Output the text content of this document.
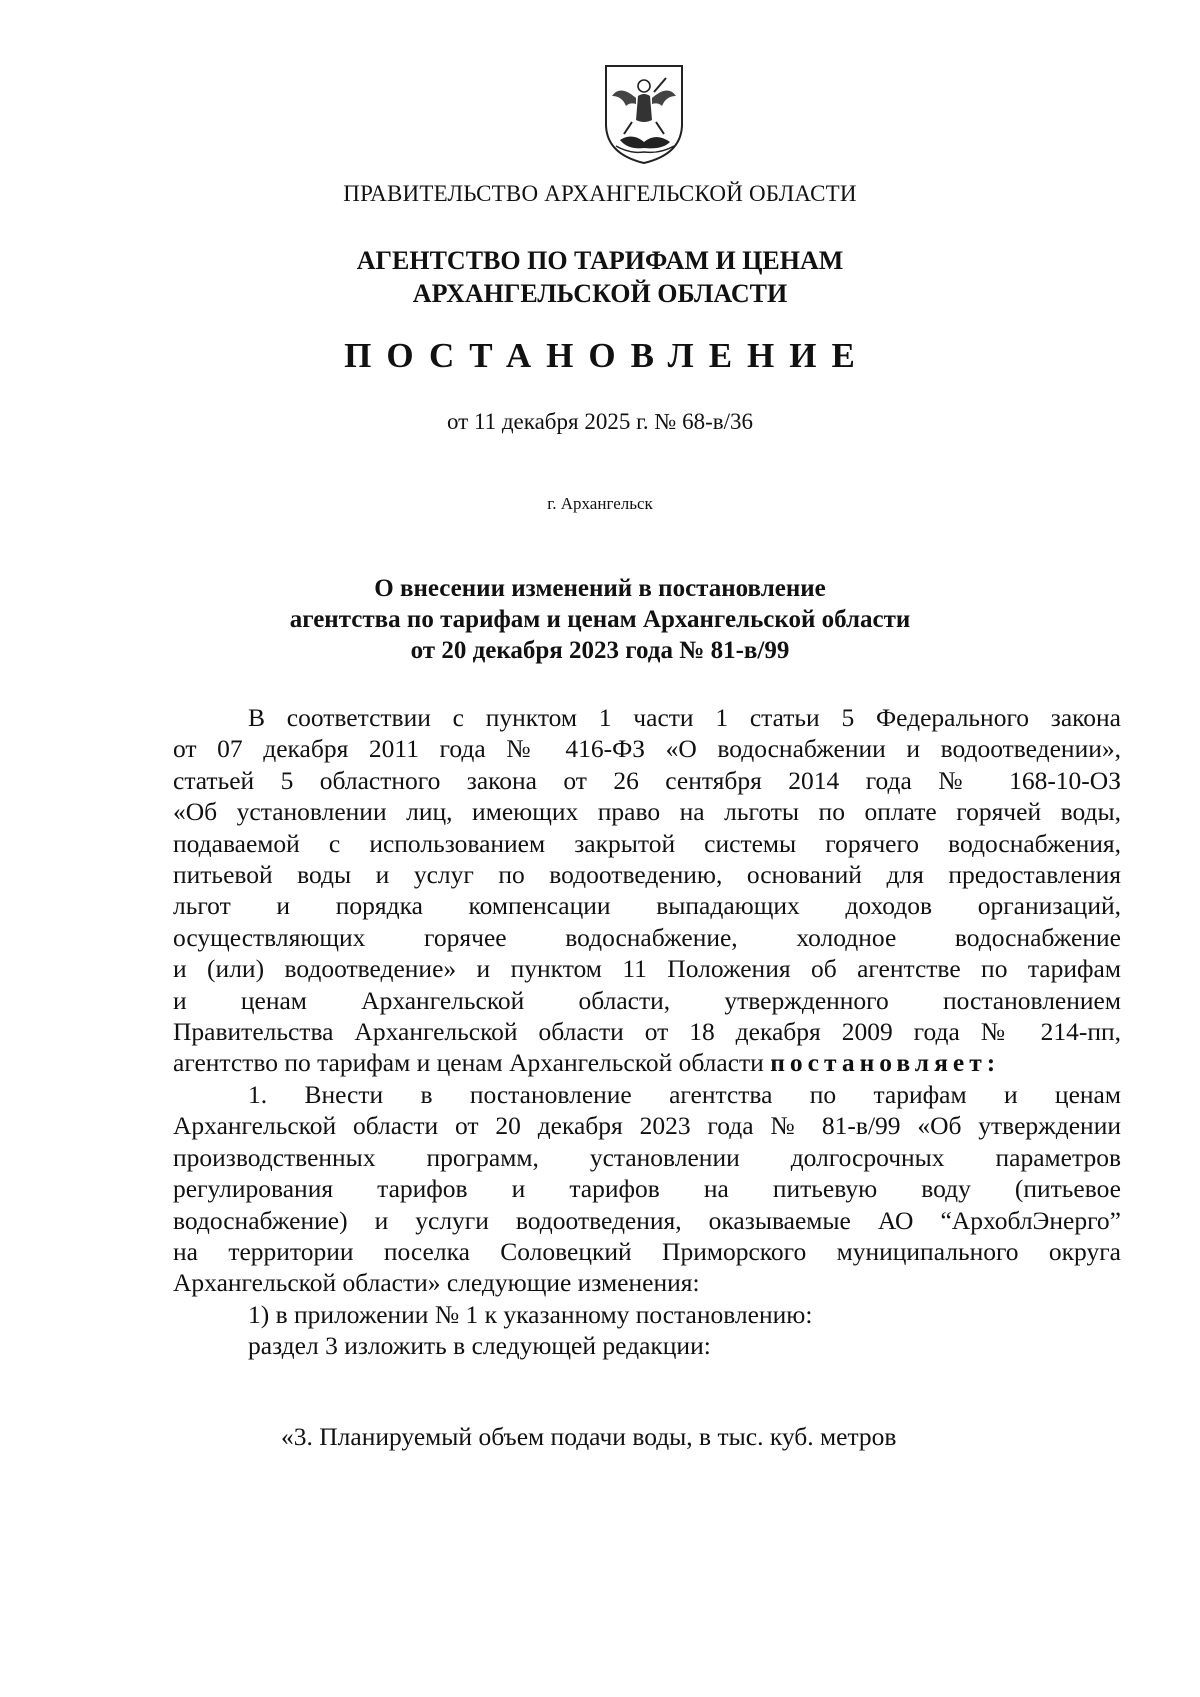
ПРАВИТЕЛЬСТВО АРХАНГЕЛЬСКОЙ ОБЛАСТИ
АГЕНТСТВО ПО ТАРИФАМ И ЦЕНАМ
АРХАНГЕЛЬСКОЙ ОБЛАСТИ
ПОСТАНОВЛЕНИЕ
от 11 декабря 2025 г. № 68-в/36
г. Архангельск
О внесении изменений в постановление
агентства по тарифам и ценам Архангельской области
от 20 декабря 2023 года № 81-в/99
В соответствии с пунктом 1 части 1 статьи 5 Федерального закона
от 07 декабря 2011 года № 416-ФЗ «О водоснабжении и водоотведении»,
статьей 5 областного закона от 26 сентября 2014 года № 168-10-ОЗ
«Об установлении лиц, имеющих право на льготы по оплате горячей воды,
подаваемой с использованием закрытой системы горячего водоснабжения,
питьевой воды и услуг по водоотведению, оснований для предоставления
льгот и порядка компенсации выпадающих доходов организаций,
осуществляющих горячее водоснабжение, холодное водоснабжение
и (или) водоотведение» и пунктом 11 Положения об агентстве по тарифам
и ценам Архангельской области, утвержденного постановлением
Правительства Архангельской области от 18 декабря 2009 года № 214-пп,
агентство по тарифам и ценам Архангельской области постановляет:
1. Внести в постановление агентства по тарифам и ценам
Архангельской области от 20 декабря 2023 года № 81-в/99 «Об утверждении
производственных программ, установлении долгосрочных параметров
регулирования тарифов и тарифов на питьевую воду (питьевое
водоснабжение) и услуги водоотведения, оказываемые АО “АрхоблЭнерго”
на территории поселка Соловецкий Приморского муниципального округа
Архангельской области» следующие изменения:
1) в приложении № 1 к указанному постановлению:
раздел 3 изложить в следующей редакции:
«3. Планируемый объем подачи воды, в тыс. куб. метров
